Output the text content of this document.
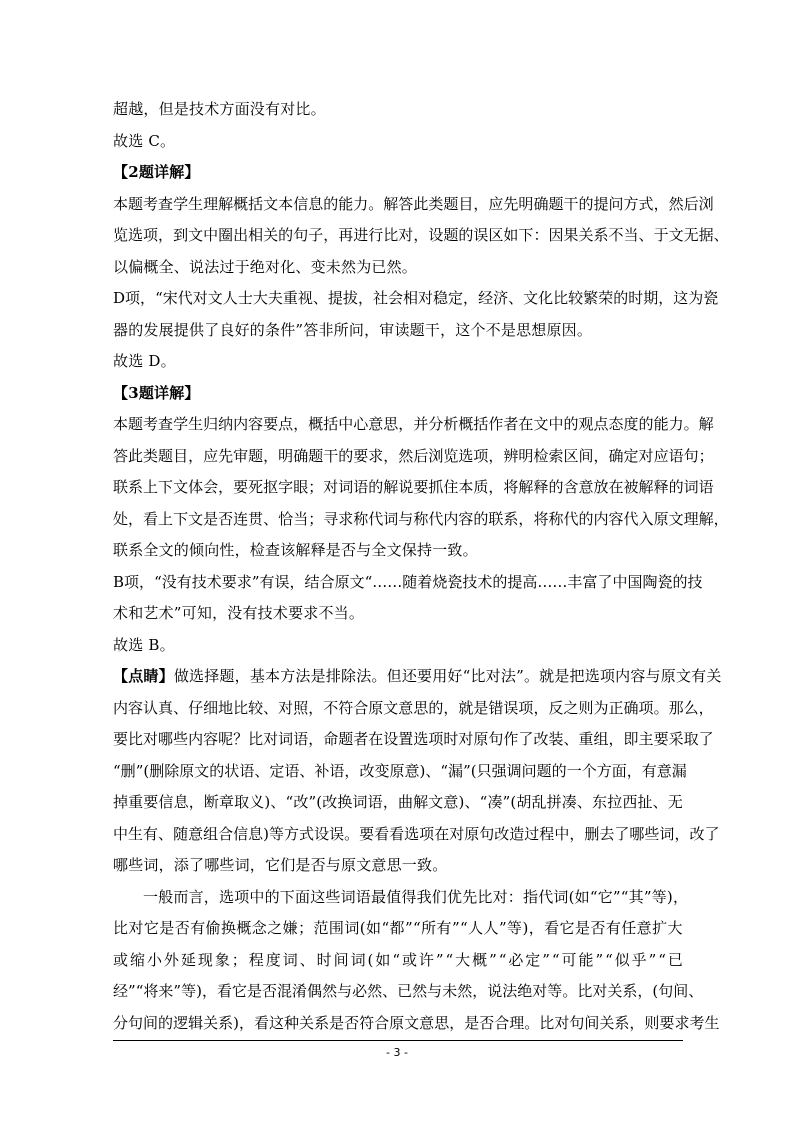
超越，但是技术方面没有对比。
故选 C。
【2题详解】
本 题 考 查 学 生 理 解 概 括 文 本 信 息 的 能 力 。 解 答 此 类 题 目 ， 应 先 明 确 题 干 的 提 问 方 式 ， 然 后 浏
览 选 项 ， 到 文 中 圈 出 相 关 的 句 子 ， 再 进 行 比 对 ， 设 题 的 误 区 如 下 ： 因 果 关 系 不 当 、 于 文 无 据 、
以偏概全、说法过于绝对化、变未然为已然。
D 项 ， “ 宋 代 对 文 人 士 大 夫 重 视 、 提 拔 ， 社 会 相 对 稳 定 ， 经 济 、 文 化 比 较 繁 荣 的 时 期 ， 这 为 瓷
器的发展提供了良好的条件”答非所问，审读题干，这个不是思想原因。
故选 D。
【3题详解】
本 题 考 查 学 生 归 纳 内 容 要 点 ， 概 括 中 心 意 思 ， 并 分 析 概 括 作 者 在 文 中 的 观 点 态 度 的 能 力 。 解
答 此 类 题 目 ， 应 先 审 题 ， 明 确 题 干 的 要 求 ， 然 后 浏 览 选 项 ， 辨 明 检 索 区 间 ， 确 定 对 应 语 句 ；
联 系 上 下 文 体 会 ， 要 死 抠 字 眼 ； 对 词 语 的 解 说 要 抓 住 本 质 ， 将 解 释 的 含 意 放 在 被 解 释 的 词 语
处 ， 看 上 下 文 是 否 连 贯 、 恰 当 ； 寻 求 称 代 词 与 称 代 内 容 的 联 系 ， 将 称 代 的 内 容 代 入 原 文 理 解 ，
联系全文的倾向性，检查该解释是否与全文保持一致。
B 项 ， “ 没 有 技 术 要 求 ” 有 误 ， 结 合 原 文 “ … … 随 着 烧 瓷 技 术 的 提 高 … … 丰 富 了 中 国 陶 瓷 的 技
术和艺术”可知，没有技术要求不当。
故选 B。
【点睛】做选择题，基本方法是排除法。但还要用好“比对法”。就是把选项内容与原文有关
内 容 认 真 、 仔 细 地 比 较 、 对 照 ， 不 符 合 原 文 意 思 的 ， 就 是 错 误 项 ， 反 之 则 为 正 确 项 。 那 么 ，
要 比 对 哪 些 内 容 呢 ？ 比 对 词 语 ， 命 题 者 在 设 置 选 项 时 对 原 句 作 了 改 装 、 重 组 ， 即 主 要 采 取 了
“ 删 ” ( 删 除 原 文 的 状 语 、 定 语 、 补 语 ， 改 变 原 意 ) 、 “ 漏 ” ( 只 强 调 问 题 的 一 个 方 面 ， 有 意 漏
掉 重 要 信 息 ， 断 章 取 义 ) 、 “ 改 ” ( 改 换 词 语 ， 曲 解 文 意 ) 、 “ 凑 ” ( 胡 乱 拼 凑 、 东 拉 西 扯 、 无
中 生 有 、 随 意 组 合 信 息 ) 等 方 式 设 误 。 要 看 看 选 项 在 对 原 句 改 造 过 程 中 ， 删 去 了 哪 些 词 ， 改 了
哪些词，添了哪些词，它们是否与原文意思一致。
一般而言，选项中的下面这些词语最值得我们优先比对：指代词(如“它”“其”等)，
比 对 它 是 否 有 偷 换 概 念 之 嫌 ； 范 围 词 ( 如 “ 都 ” “ 所 有 ” “ 人 人 ” 等 ) ， 看 它 是 否 有 任 意 扩 大
或 缩 小 外 延 现 象 ； 程 度 词 、 时 间 词 ( 如 “ 或 许 ” “ 大 概 ” “ 必 定 ” “ 可 能 ” “ 似 乎 ” “ 已
经 ” “ 将 来 ” 等 ) ， 看 它 是 否 混 淆 偶 然 与 必 然 、 已 然 与 未 然 ， 说 法 绝 对 等 。 比 对 关 系 ， ( 句 间 、
分 句 间 的 逻 辑 关 系 ) ， 看 这 种 关 系 是 否 符 合 原 文 意 思 ， 是 否 合 理 。 比 对 句 间 关 系 ， 则 要 求 考 生
- 3 -
